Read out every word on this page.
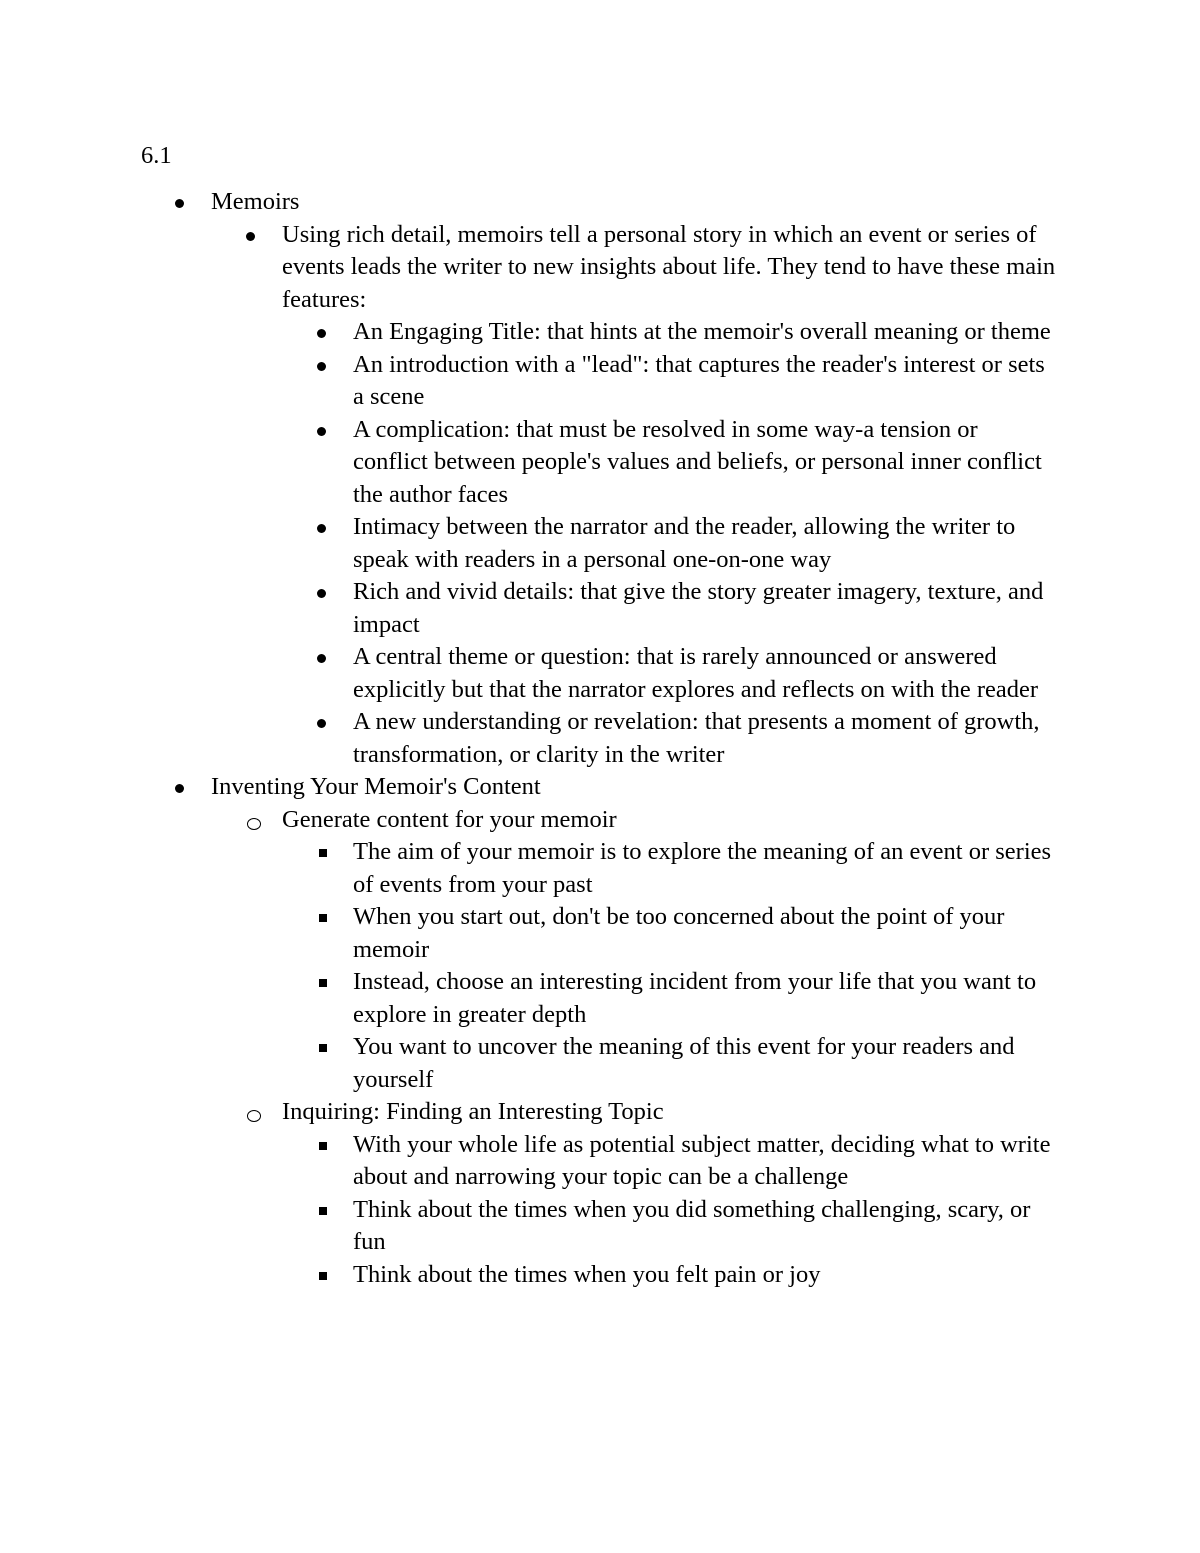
6.1
Memoirs
Using rich detail, memoirs tell a personal story in which an event or series of events leads the writer to new insights about life. They tend to have these main features:
An Engaging Title: that hints at the memoir's overall meaning or theme
An introduction with a "lead": that captures the reader's interest or sets a scene
A complication: that must be resolved in some way-a tension or conflict between people's values and beliefs, or personal inner conflict the author faces
Intimacy between the narrator and the reader, allowing the writer to speak with readers in a personal one-on-one way
Rich and vivid details: that give the story greater imagery, texture, and impact
A central theme or question: that is rarely announced or answered explicitly but that the narrator explores and reflects on with the reader
A new understanding or revelation: that presents a moment of growth, transformation, or clarity in the writer
Inventing Your Memoir's Content
Generate content for your memoir
The aim of your memoir is to explore the meaning of an event or series of events from your past
When you start out, don't be too concerned about the point of your memoir
Instead, choose an interesting incident from your life that you want to explore in greater depth
You want to uncover the meaning of this event for your readers and yourself
Inquiring: Finding an Interesting Topic
With your whole life as potential subject matter, deciding what to write about and narrowing your topic can be a challenge
Think about the times when you did something challenging, scary, or fun
Think about the times when you felt pain or joy
